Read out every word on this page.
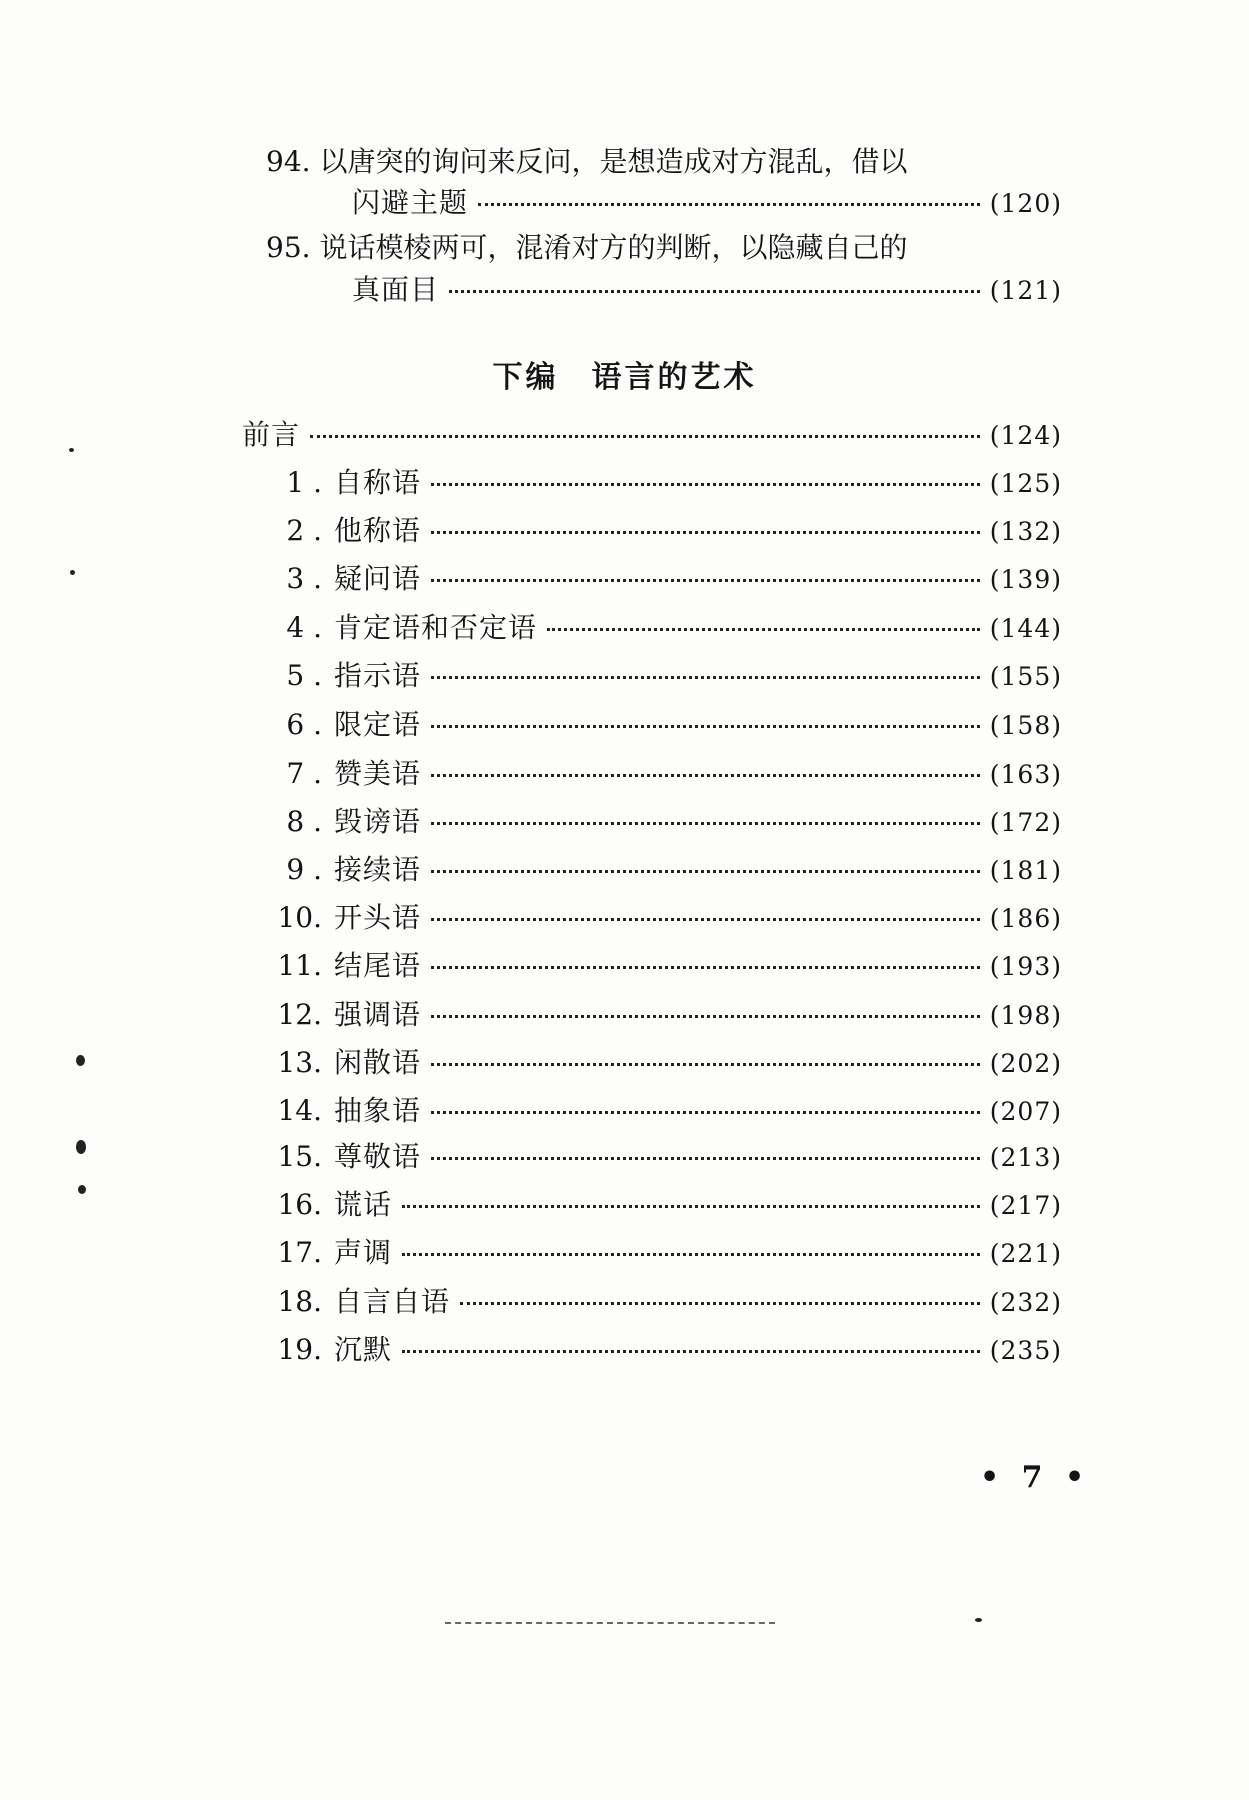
94. 以唐突的询问来反问，是想造成对方混乱，借以
闪避主题	(120)
95. 说话模棱两可，混淆对方的判断，以隐藏自己的
真面目	(121)
下编　语言的艺术
前言	(124)
1 . 自称语	(125)
2 . 他称语	(132)
3 . 疑问语	(139)
4 . 肯定语和否定语	(144)
5 . 指示语	(155)
6 . 限定语	(158)
7 . 赞美语	(163)
8 . 毁谤语	(172)
9 . 接续语	(181)
10. 开头语	(186)
11. 结尾语	(193)
12. 强调语	(198)
13. 闲散语	(202)
14. 抽象语	(207)
15. 尊敬语	(213)
16. 谎话	(217)
17. 声调	(221)
18. 自言自语	(232)
19. 沉默	(235)
• 7 •
